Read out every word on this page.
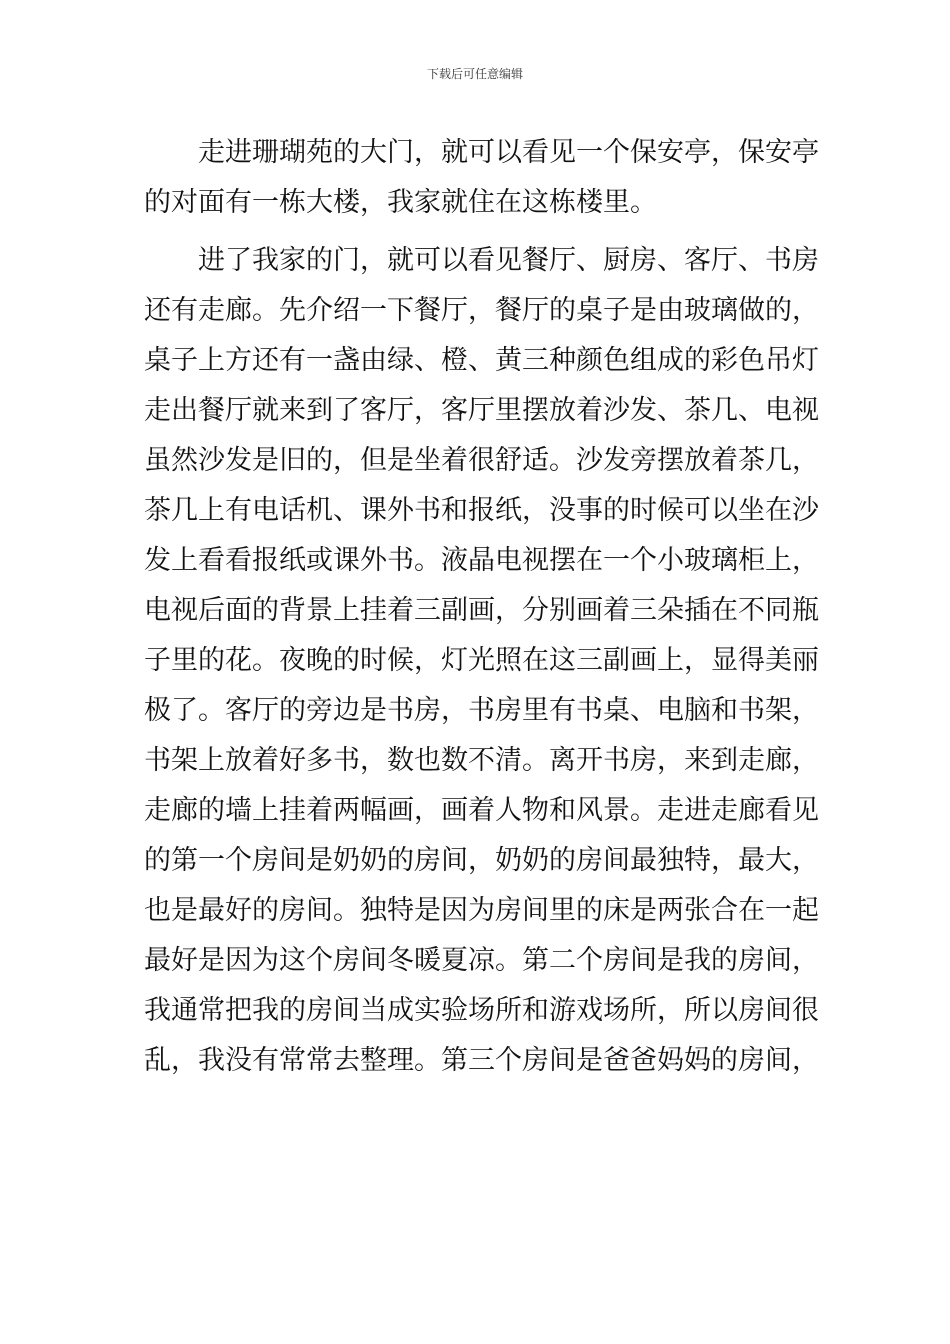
下载后可任意编辑
走进珊瑚苑的大门，就可以看见一个保安亭，保安亭
的对面有一栋大楼，我家就住在这栋楼里。
进了我家的门，就可以看见餐厅、厨房、客厅、书房
还有走廊。先介绍一下餐厅，餐厅的桌子是由玻璃做的，
桌子上方还有一盏由绿、橙、黄三种颜色组成的彩色吊灯
走出餐厅就来到了客厅，客厅里摆放着沙发、茶几、电视
虽然沙发是旧的，但是坐着很舒适。沙发旁摆放着茶几，
茶几上有电话机、课外书和报纸，没事的时候可以坐在沙
发上看看报纸或课外书。液晶电视摆在一个小玻璃柜上，
电视后面的背景上挂着三副画，分别画着三朵插在不同瓶
子里的花。夜晚的时候，灯光照在这三副画上，显得美丽
极了。客厅的旁边是书房，书房里有书桌、电脑和书架，
书架上放着好多书，数也数不清。离开书房，来到走廊，
走廊的墙上挂着两幅画，画着人物和风景。走进走廊看见
的第一个房间是奶奶的房间，奶奶的房间最独特，最大，
也是最好的房间。独特是因为房间里的床是两张合在一起
最好是因为这个房间冬暖夏凉。第二个房间是我的房间，
我通常把我的房间当成实验场所和游戏场所，所以房间很
乱，我没有常常去整理。第三个房间是爸爸妈妈的房间，
